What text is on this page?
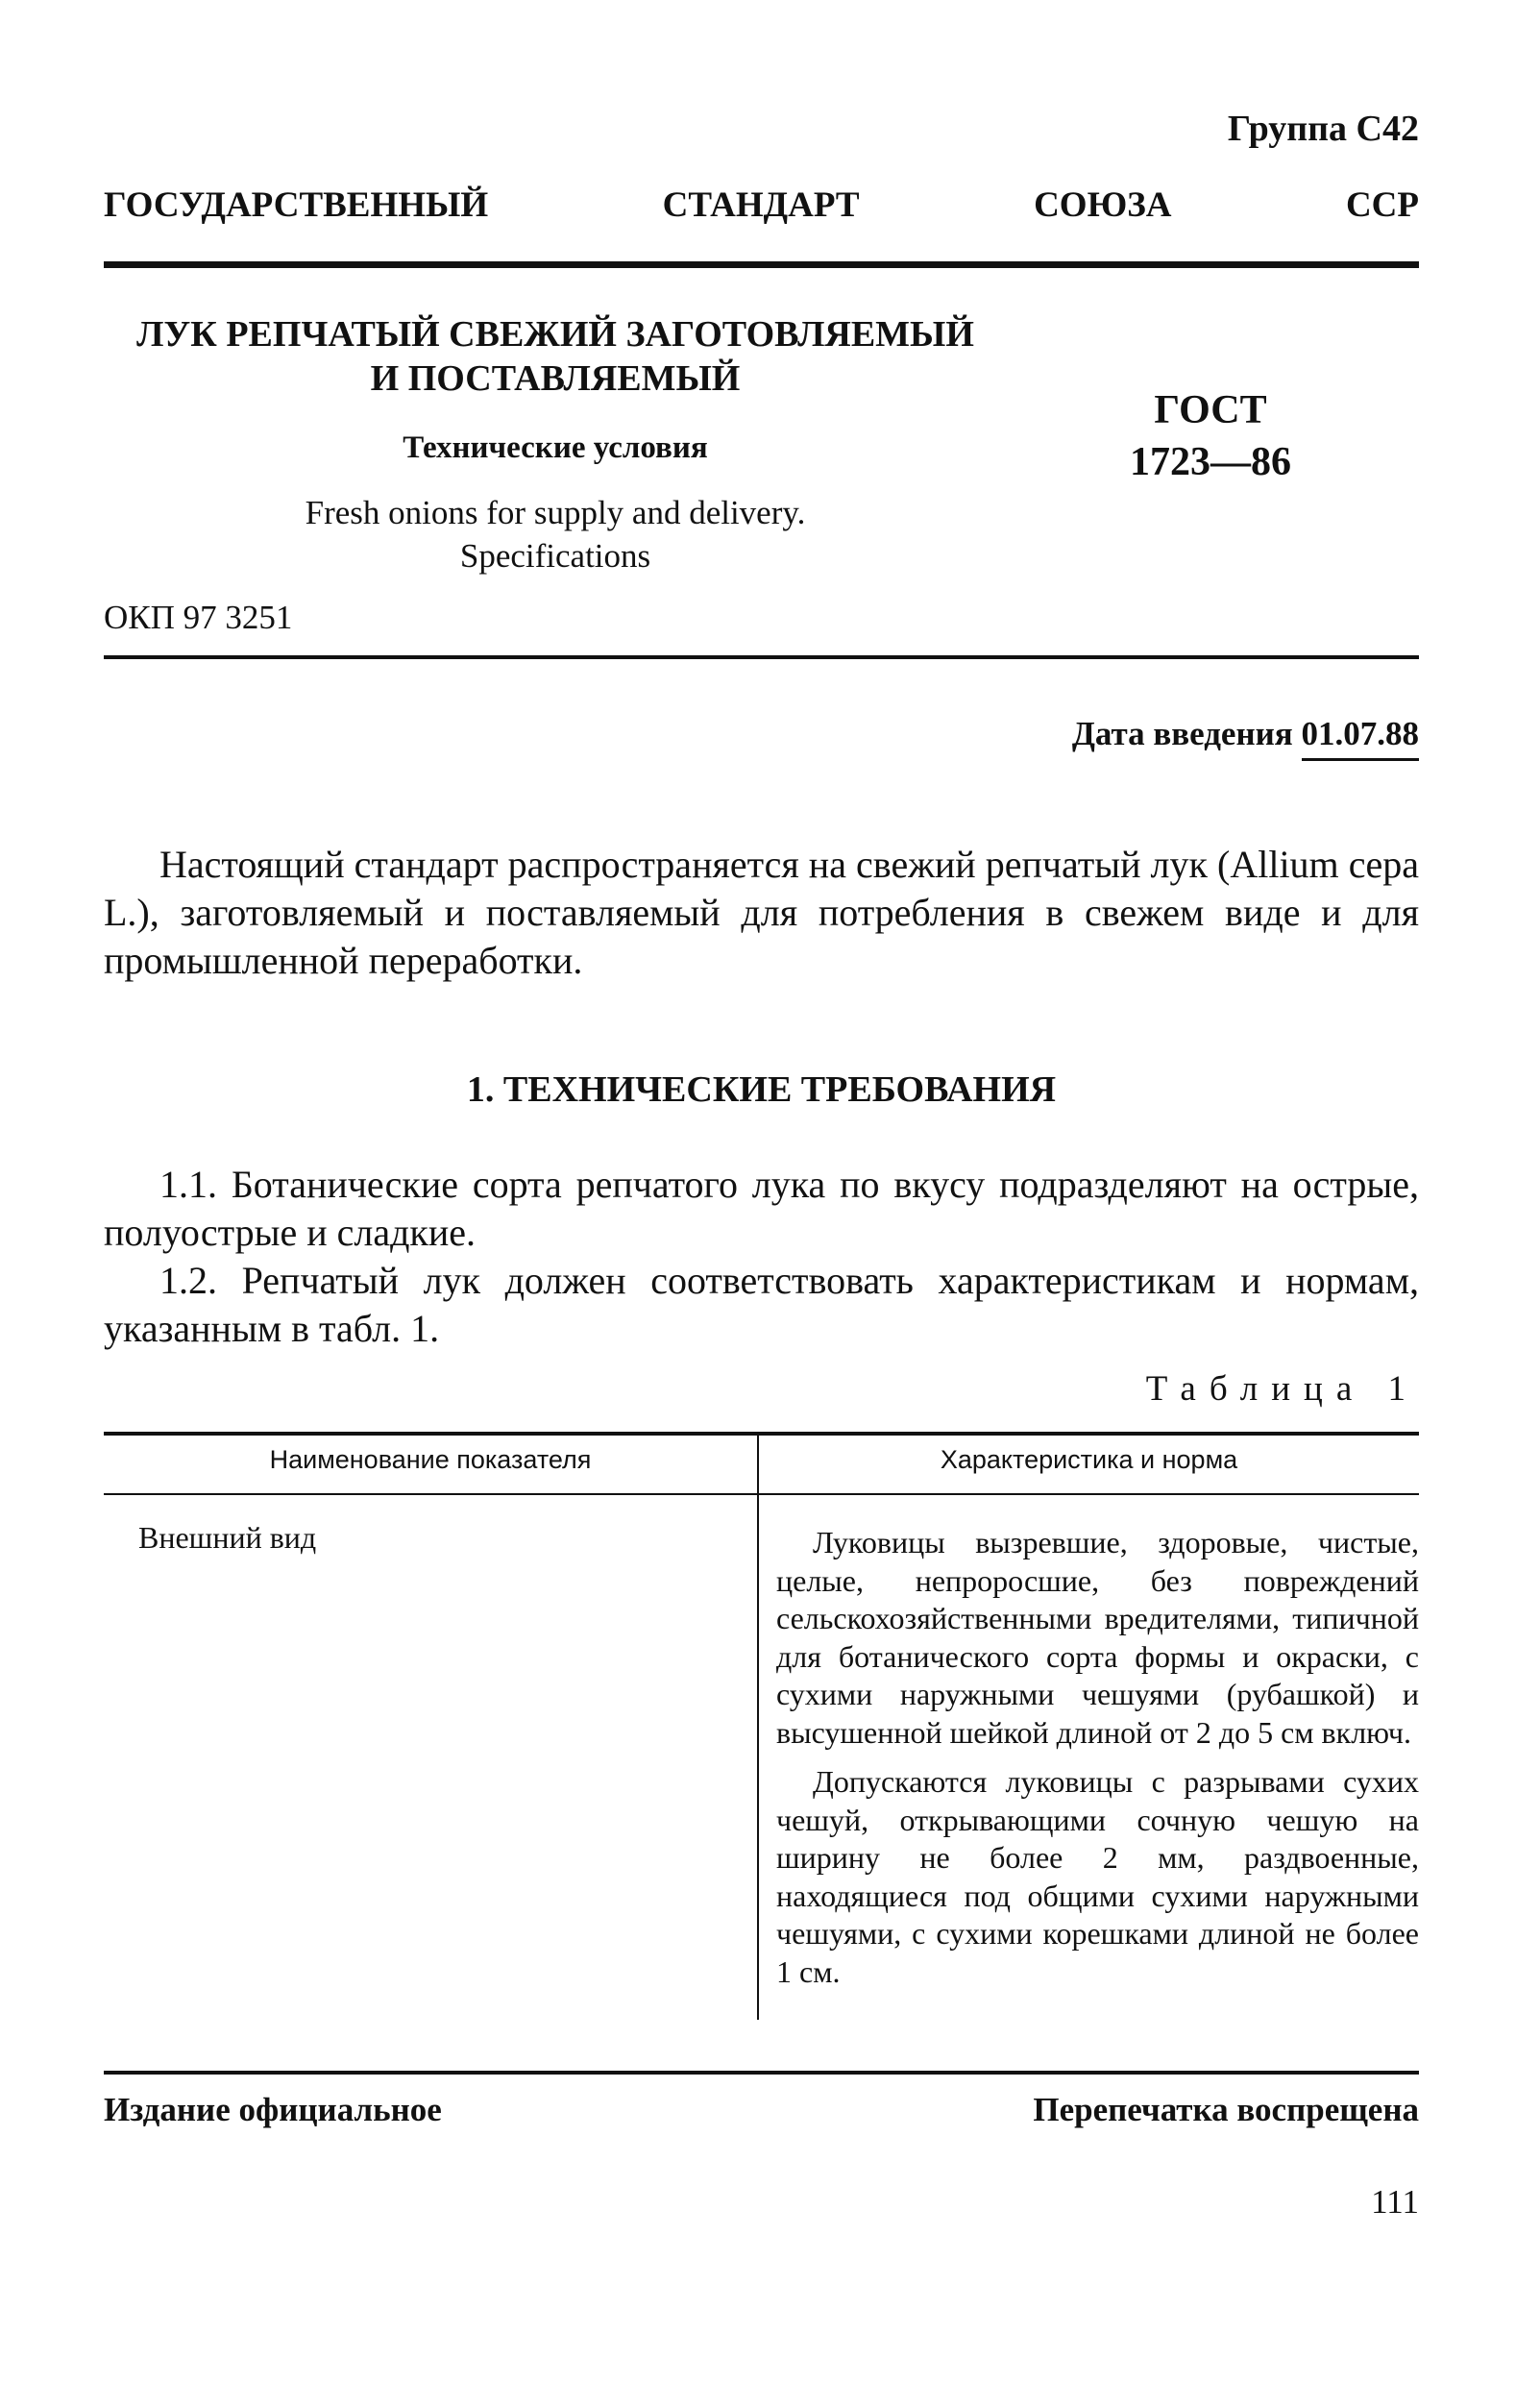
Группа С42
ГОСУДАРСТВЕННЫЙ	СТАНДАРТ	СОЮЗА	ССР
ЛУК РЕПЧАТЫЙ СВЕЖИЙ ЗАГОТОВЛЯЕМЫЙ
И ПОСТАВЛЯЕМЫЙ
Технические условия
Fresh onions for supply and delivery.
Specifications
ГОСТ
1723—86
ОКП 97 3251
Дата введения 01.07.88
Настоящий стандарт распространяется на свежий репчатый лук (Allium cepa L.), заготовляемый и поставляемый для потребления в свежем виде и для промышленной переработки.
1. ТЕХНИЧЕСКИЕ ТРЕБОВАНИЯ
1.1. Ботанические сорта репчатого лука по вкусу подразделяют на острые, полуострые и сладкие.
1.2. Репчатый лук должен соответствовать характеристикам и нормам, указанным в табл. 1.
Таблица 1
Наименование показателя	Характеристика и норма
Внешний вид	Луковицы вызревшие, здоровые, чистые, целые, непроросшие, без повреждений сельскохозяйственными вредителями, типичной для ботанического сорта формы и окраски, с сухими наружными чешуями (рубашкой) и высушенной шейкой длиной от 2 до 5 см включ.

Допускаются луковицы с разрывами сухих чешуй, открывающими сочную чешую на ширину не более 2 мм, раздвоенные, находящиеся под общими сухими наружными чешуями, с сухими корешками длиной не более 1 см.

Издание официальное	Перепечатка воспрещена
111
